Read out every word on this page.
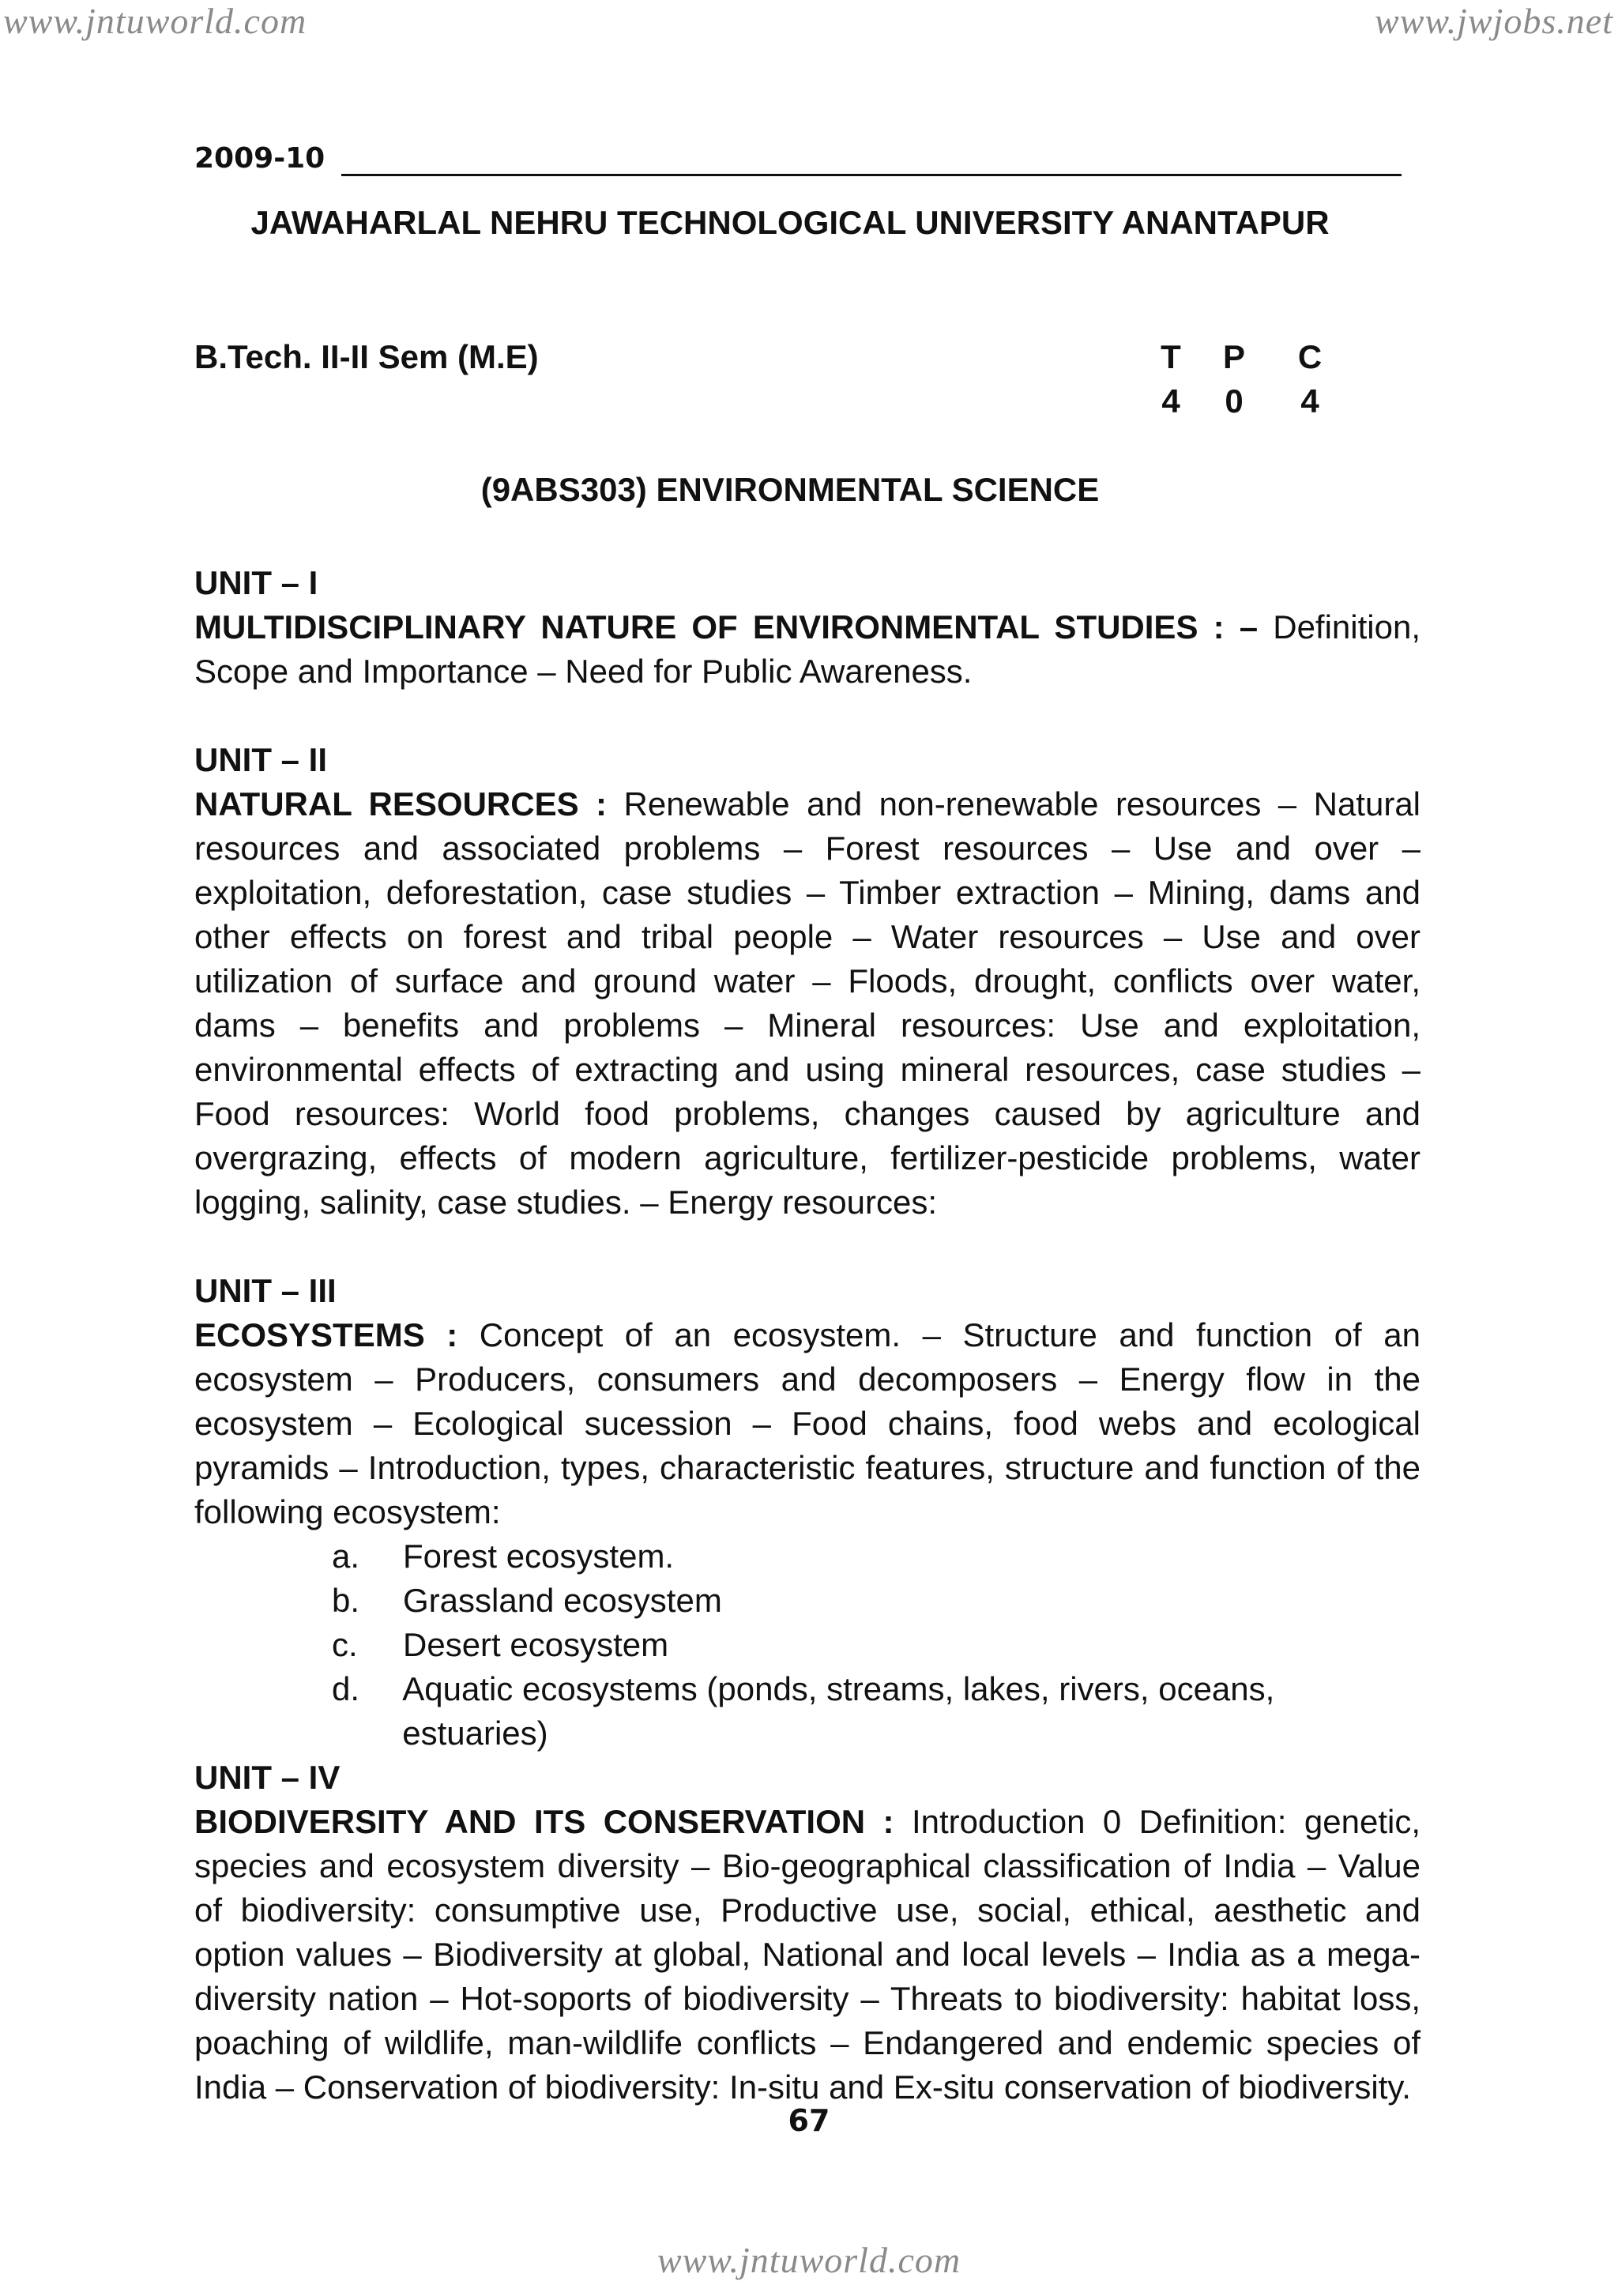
www.jntuworld.com	www.jwjobs.net
2009-10
JAWAHARLAL NEHRU TECHNOLOGICAL UNIVERSITY ANANTAPUR
B.Tech. II-II Sem (M.E)	T P C
4 0 4
(9ABS303) ENVIRONMENTAL SCIENCE

UNIT – I

MULTIDISCIPLINARY NATURE OF ENVIRONMENTAL STUDIES : – Definition, Scope and Importance – Need for Public Awareness.

UNIT – II

NATURAL RESOURCES : Renewable and non-renewable resources – Natural resources and associated problems – Forest resources – Use and over – exploitation, deforestation, case studies – Timber extraction – Mining, dams and other effects on forest and tribal people – Water resources – Use and over utilization of surface and ground water – Floods, drought, conflicts over water, dams – benefits and problems – Mineral resources: Use and exploitation, environmental effects of extracting and using mineral resources, case studies – Food resources: World food problems, changes caused by agriculture and overgrazing, effects of modern agriculture, fertilizer-pesticide problems, water logging, salinity, case studies. – Energy resources:

UNIT – III

ECOSYSTEMS : Concept of an ecosystem. – Structure and function of an ecosystem – Producers, consumers and decomposers – Energy flow in the ecosystem – Ecological sucession – Food chains, food webs and ecological pyramids – Introduction, types, characteristic features, structure and function of the following ecosystem:

a.	Forest ecosystem.
b.	Grassland ecosystem
c.	Desert ecosystem
d.	Aquatic ecosystems (ponds, streams, lakes, rivers, oceans, estuaries)

UNIT – IV

BIODIVERSITY AND ITS CONSERVATION : Introduction 0 Definition: genetic, species and ecosystem diversity – Bio-geographical classification of India – Value of biodiversity: consumptive use, Productive use, social, ethical, aesthetic and option values – Biodiversity at global, National and local levels – India as a mega-diversity nation – Hot-soports of biodiversity – Threats to biodiversity: habitat loss, poaching of wildlife, man-wildlife conflicts – Endangered and endemic species of India – Conservation of biodiversity: In-situ and Ex-situ conservation of biodiversity.

67
www.jntuworld.com
